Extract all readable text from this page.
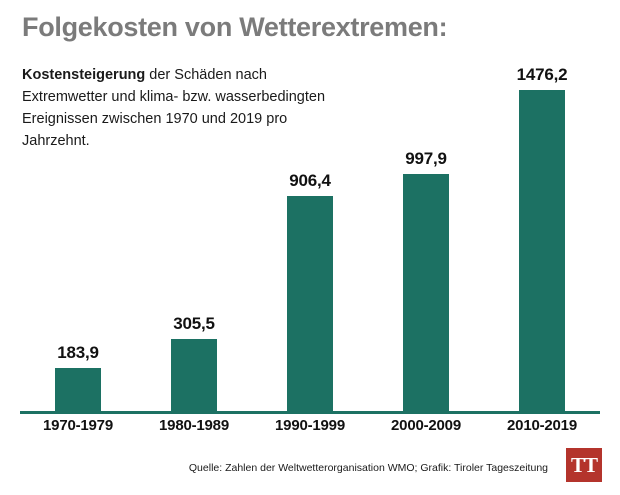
Folgekosten von Wetterextremen:
Kostensteigerung der Schäden nach Extremwetter und klima- bzw. wasserbedingten Ereignissen zwischen 1970 und 2019 pro Jahrzehnt.
183,9
305,5
906,4
997,9
1476,2
1970-1979	1980-1989	1990-1999	2000-2009	2010-2019
Quelle: Zahlen der Weltwetterorganisation WMO; Grafik: Tiroler Tageszeitung TT
